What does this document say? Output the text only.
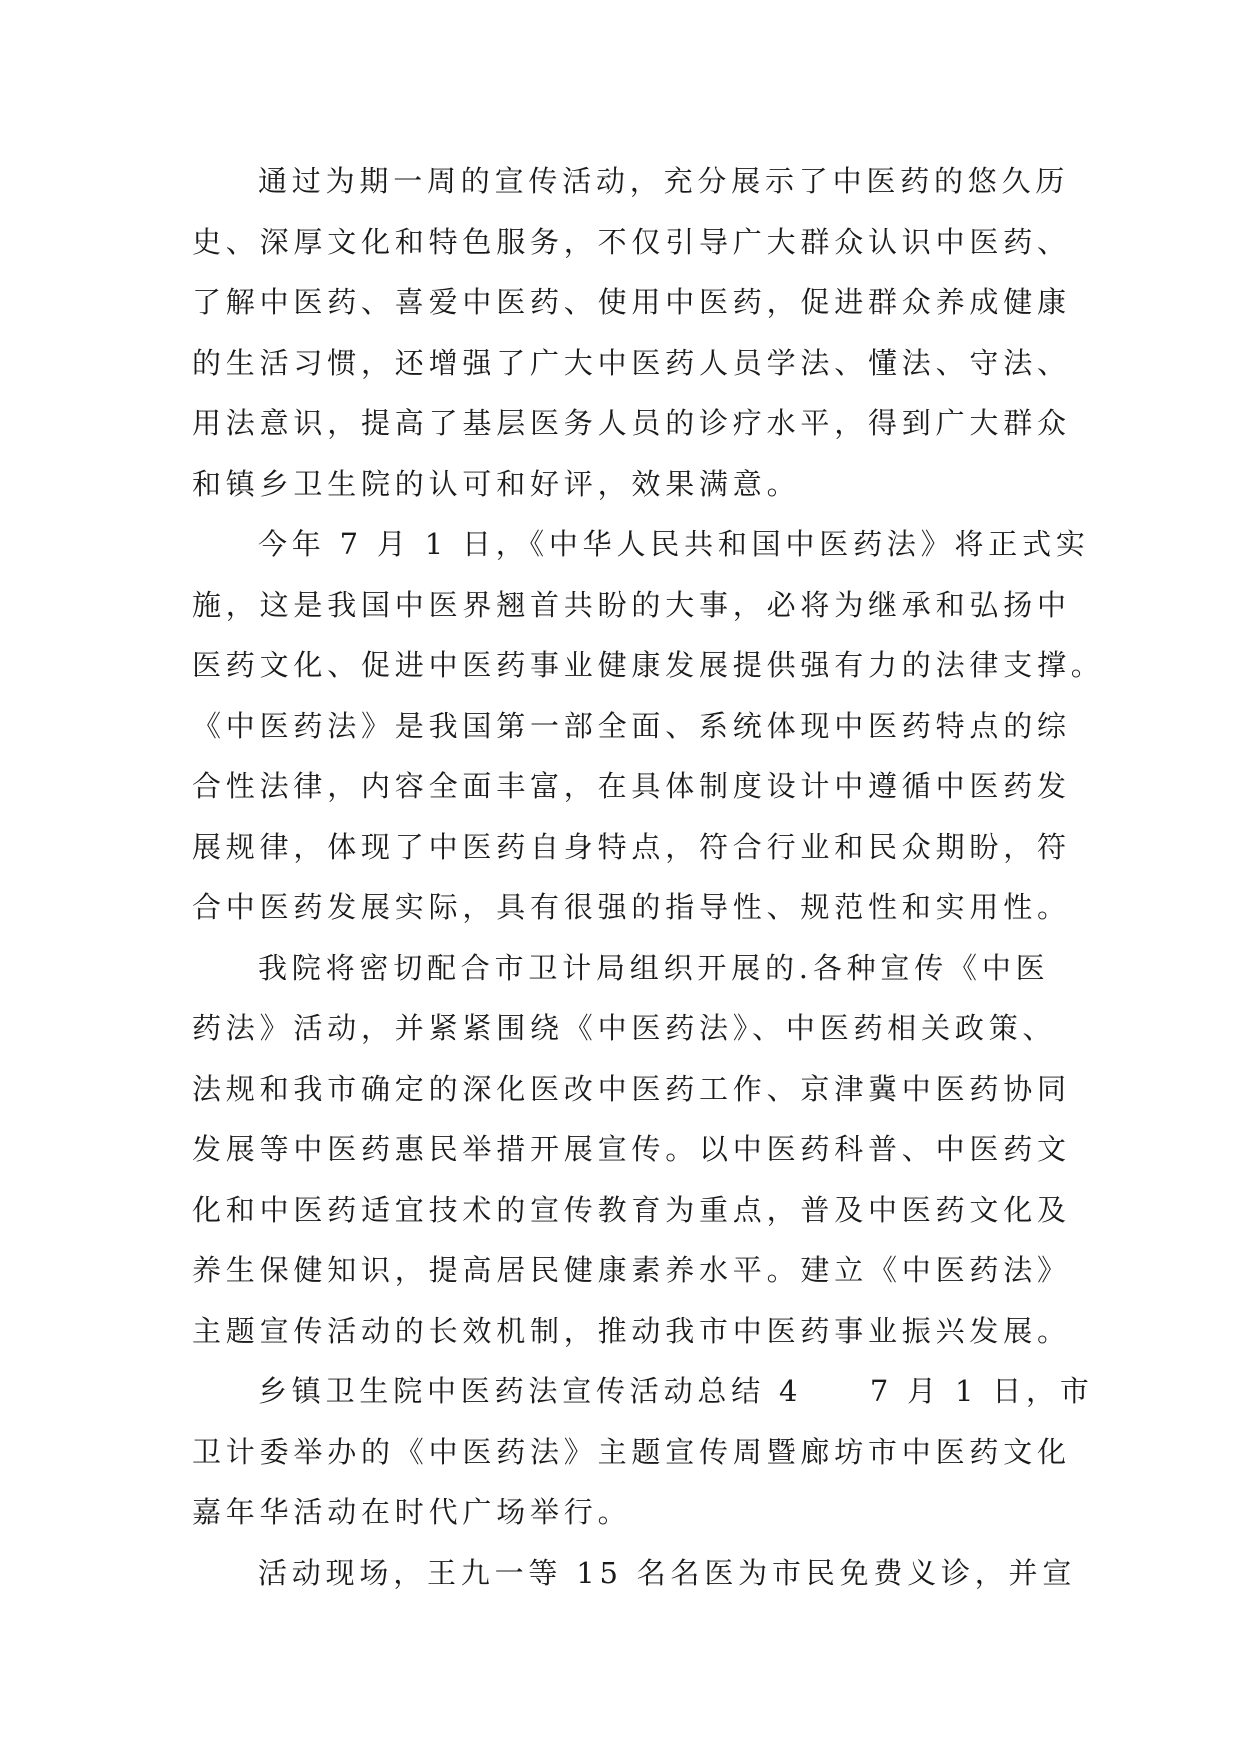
通过为期一周的宣传活动，充分展示了中医药的悠久历
史、深厚文化和特色服务，不仅引导广大群众认识中医药、
了解中医药、喜爱中医药、使用中医药，促进群众养成健康
的生活习惯，还增强了广大中医药人员学法、懂法、守法、
用法意识，提高了基层医务人员的诊疗水平，得到广大群众
和镇乡卫生院的认可和好评，效果满意。
今年 7 月 1 日，《中华人民共和国中医药法》将正式实
施，这是我国中医界翘首共盼的大事，必将为继承和弘扬中
医药文化、促进中医药事业健康发展提供强有力的法律支撑。
《中医药法》是我国第一部全面、系统体现中医药特点的综
合性法律，内容全面丰富，在具体制度设计中遵循中医药发
展规律，体现了中医药自身特点，符合行业和民众期盼，符
合中医药发展实际，具有很强的指导性、规范性和实用性。
我院将密切配合市卫计局组织开展的.各种宣传《中医
药法》活动，并紧紧围绕《中医药法》、中医药相关政策、
法规和我市确定的深化医改中医药工作、京津冀中医药协同
发展等中医药惠民举措开展宣传。以中医药科普、中医药文
化和中医药适宜技术的宣传教育为重点，普及中医药文化及
养生保健知识，提高居民健康素养水平。建立《中医药法》
主题宣传活动的长效机制，推动我市中医药事业振兴发展。
乡镇卫生院中医药法宣传活动总结 4　　7 月 1 日，市
卫计委举办的《中医药法》主题宣传周暨廊坊市中医药文化
嘉年华活动在时代广场举行。
活动现场，王九一等 15 名名医为市民免费义诊，并宣
